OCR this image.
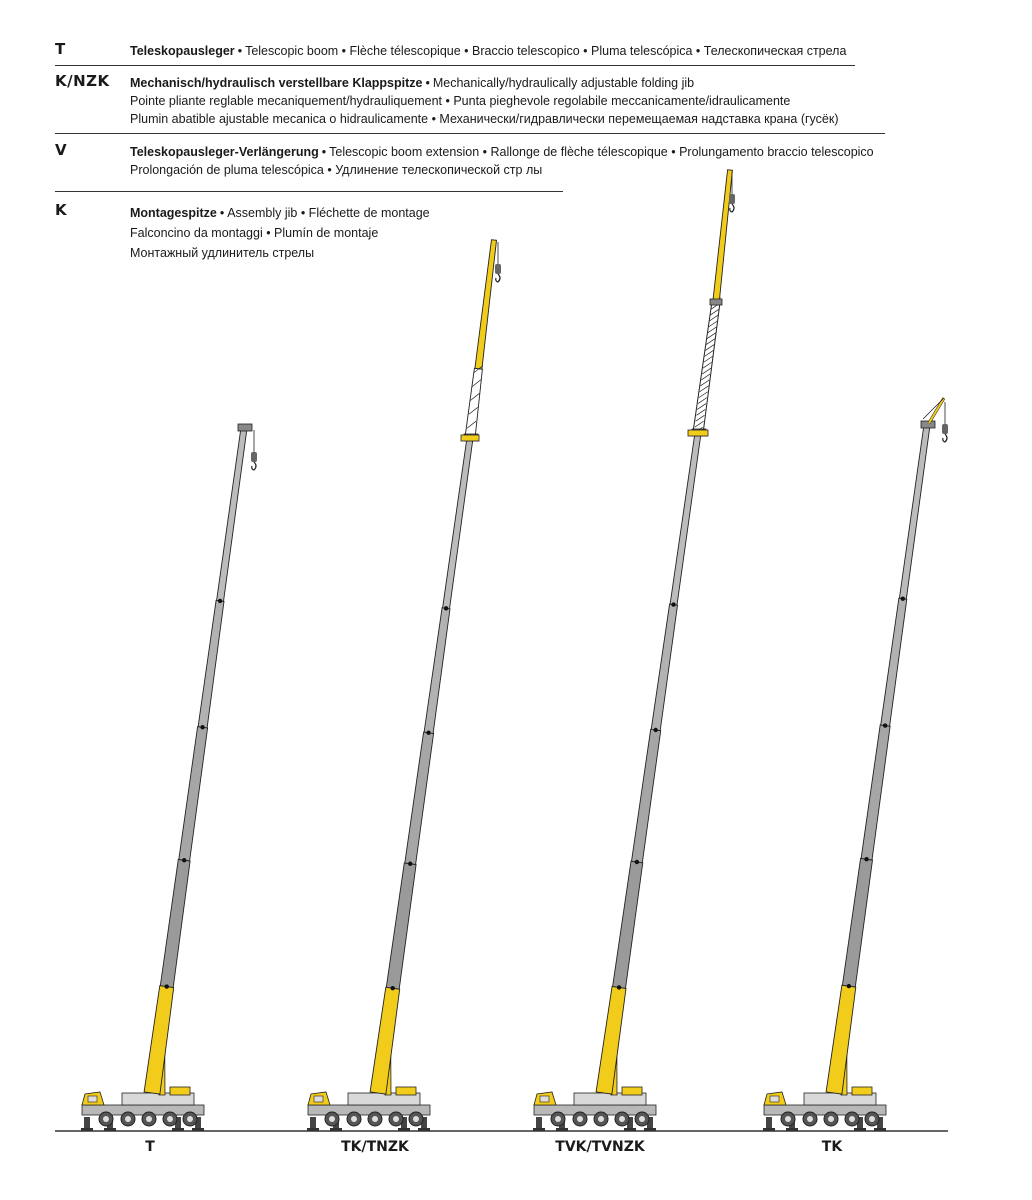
T	Teleskopausleger • Telescopic boom • Flèche télescopique • Braccio telescopico • Pluma telescópica • Телескопическая стрела
K/NZK Mechanisch/hydraulisch verstellbare Klappspitze • Mechanically/hydraulically adjustable folding jib
Pointe pliante reglable mecaniquement/hydrauliquement • Punta pieghevole regolabile meccanicamente/idraulicamente
Plumin abatible ajustable mecanica o hidraulicamente • Механически/гидравлически перемещаемая надставка крана (гусёк)
V	Teleskopausleger-Verlängerung • Telescopic boom extension • Rallonge de flèche télescopique • Prolungamento braccio telescopico
Prolongación de pluma telescópica • Удлинение телескопической стр лы
K	Montagespitze • Assembly jib • Fléchette de montage
Falconcino da montaggi • Plumín de montaje
Монтажный удлинитель стрелы
T	TK/TNZK	TVK/TVNZK	TK
